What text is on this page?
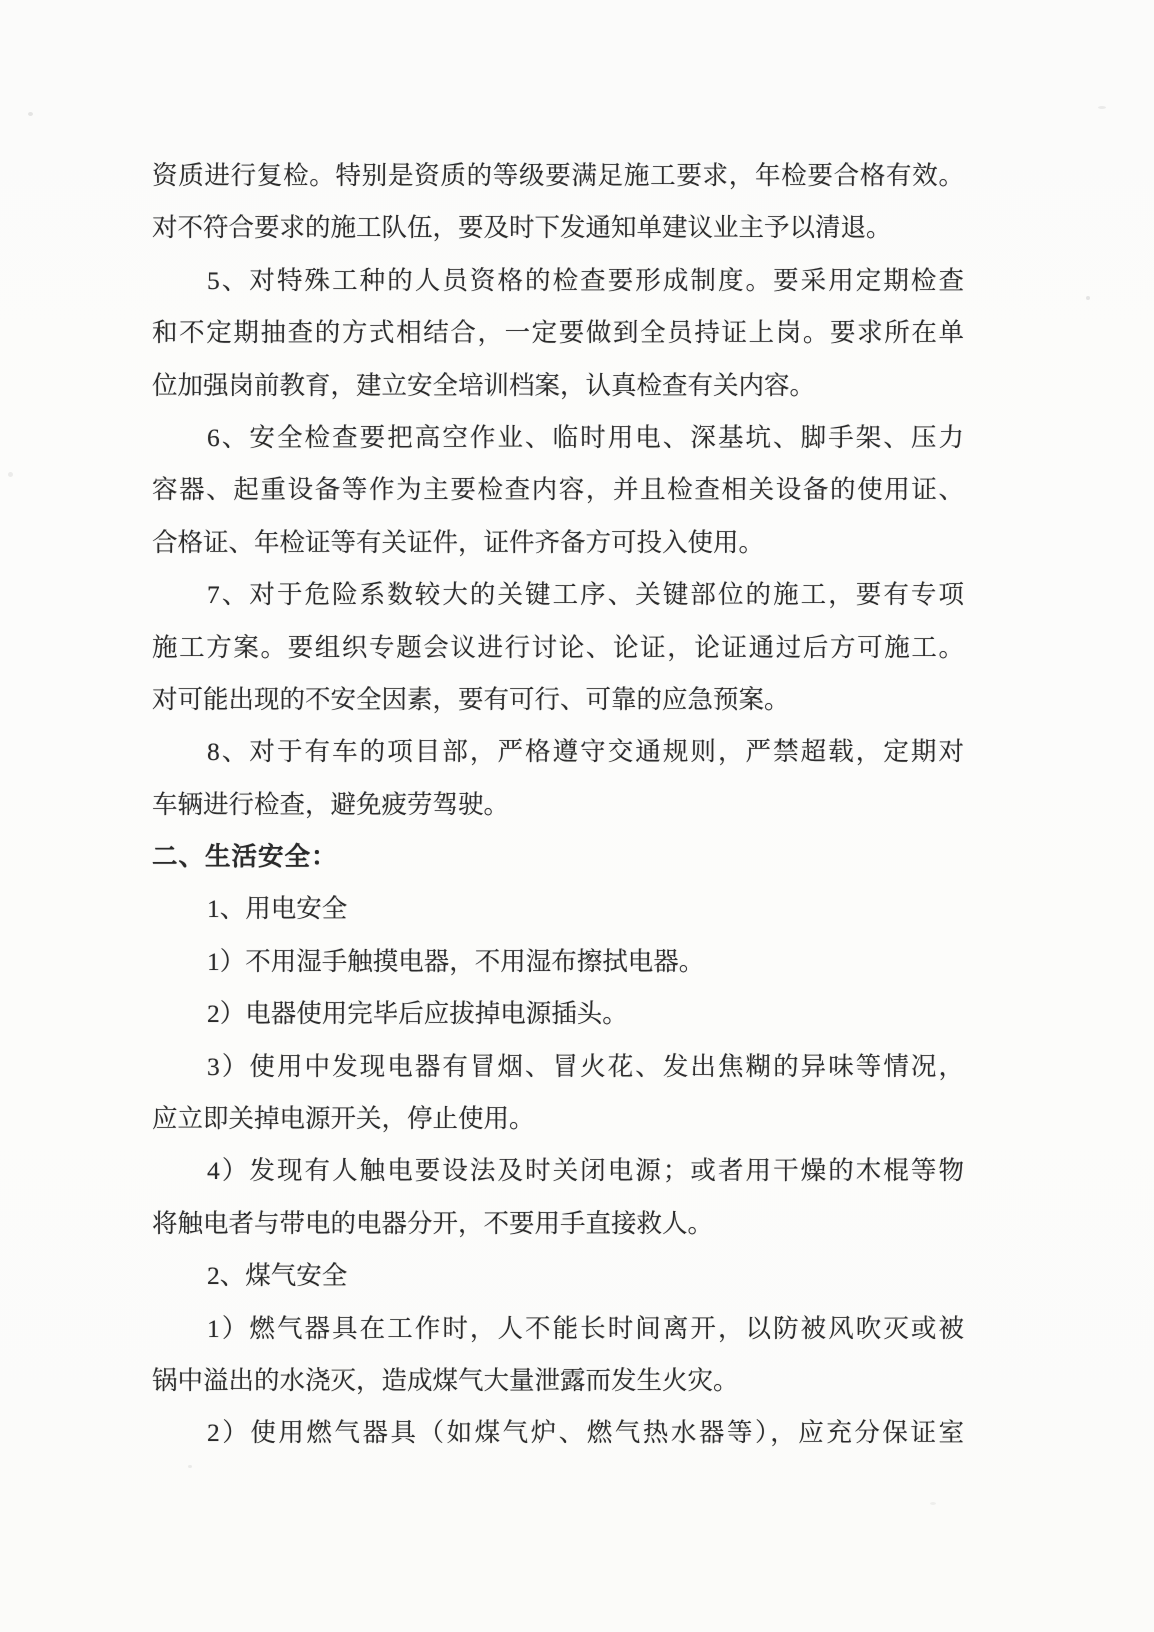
资质进行复检。特别是资质的等级要满足施工要求，年检要合格有效。
对不符合要求的施工队伍，要及时下发通知单建议业主予以清退。
5、对特殊工种的人员资格的检查要形成制度。要采用定期检查
和不定期抽查的方式相结合，一定要做到全员持证上岗。要求所在单
位加强岗前教育，建立安全培训档案，认真检查有关内容。
6、安全检查要把高空作业、临时用电、深基坑、脚手架、压力
容器、起重设备等作为主要检查内容，并且检查相关设备的使用证、
合格证、年检证等有关证件，证件齐备方可投入使用。
7、对于危险系数较大的关键工序、关键部位的施工，要有专项
施工方案。要组织专题会议进行讨论、论证，论证通过后方可施工。
对可能出现的不安全因素，要有可行、可靠的应急预案。
8、对于有车的项目部，严格遵守交通规则，严禁超载，定期对
车辆进行检查，避免疲劳驾驶。
二、生活安全：
1、用电安全
1）不用湿手触摸电器，不用湿布擦拭电器。
2）电器使用完毕后应拔掉电源插头。
3）使用中发现电器有冒烟、冒火花、发出焦糊的异味等情况，
应立即关掉电源开关，停止使用。
4）发现有人触电要设法及时关闭电源；或者用干燥的木棍等物
将触电者与带电的电器分开，不要用手直接救人。
2、煤气安全
1）燃气器具在工作时，人不能长时间离开，以防被风吹灭或被
锅中溢出的水浇灭，造成煤气大量泄露而发生火灾。
2）使用燃气器具（如煤气炉、燃气热水器等），应充分保证室
